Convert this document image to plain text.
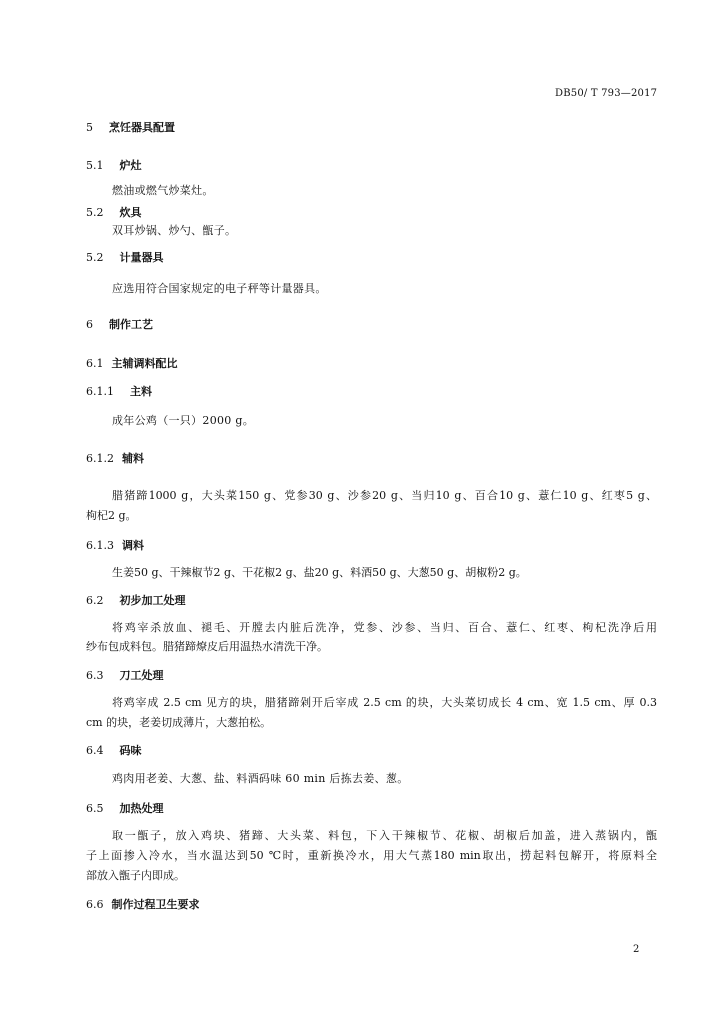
DB50/ T 793—2017
5 烹饪器具配置
5.1 炉灶
燃油或燃气炒菜灶。
5.2 炊具
双耳炒锅、炒勺、甑子。
5.2 计量器具
应选用符合国家规定的电子秤等计量器具。
6 制作工艺
6.1 主辅调料配比
6.1.1 主料
成年公鸡（一只）2000 g。
6.1.2 辅料
腊猪蹄1000 g，大头菜150 g、党参30 g、沙参20 g、当归10 g、百合10 g、薏仁10 g、红枣5 g、
枸杞2 g。
6.1.3 调料
生姜50 g、干辣椒节2 g、干花椒2 g、盐20 g、料酒50 g、大葱50 g、胡椒粉2 g。
6.2 初步加工处理
将鸡宰杀放血、褪毛、开膛去内脏后洗净，党参、沙参、当归、百合、薏仁、红枣、枸杞洗净后用
纱布包成料包。腊猪蹄燎皮后用温热水清洗干净。
6.3 刀工处理
将鸡宰成 2.5 cm 见方的块，腊猪蹄剁开后宰成 2.5 cm 的块，大头菜切成长 4 cm、宽 1.5 cm、厚 0.3
cm 的块，老姜切成薄片，大葱拍松。
6.4 码味
鸡肉用老姜、大葱、盐、料酒码味 60 min 后拣去姜、葱。
6.5 加热处理
取一甑子，放入鸡块、猪蹄、大头菜、料包，下入干辣椒节、花椒、胡椒后加盖，进入蒸锅内，甑
子上面掺入冷水，当水温达到50 ℃时，重新换冷水，用大气蒸180 min取出，捞起料包解开，将原料全
部放入甑子内即成。
6.6 制作过程卫生要求
2
